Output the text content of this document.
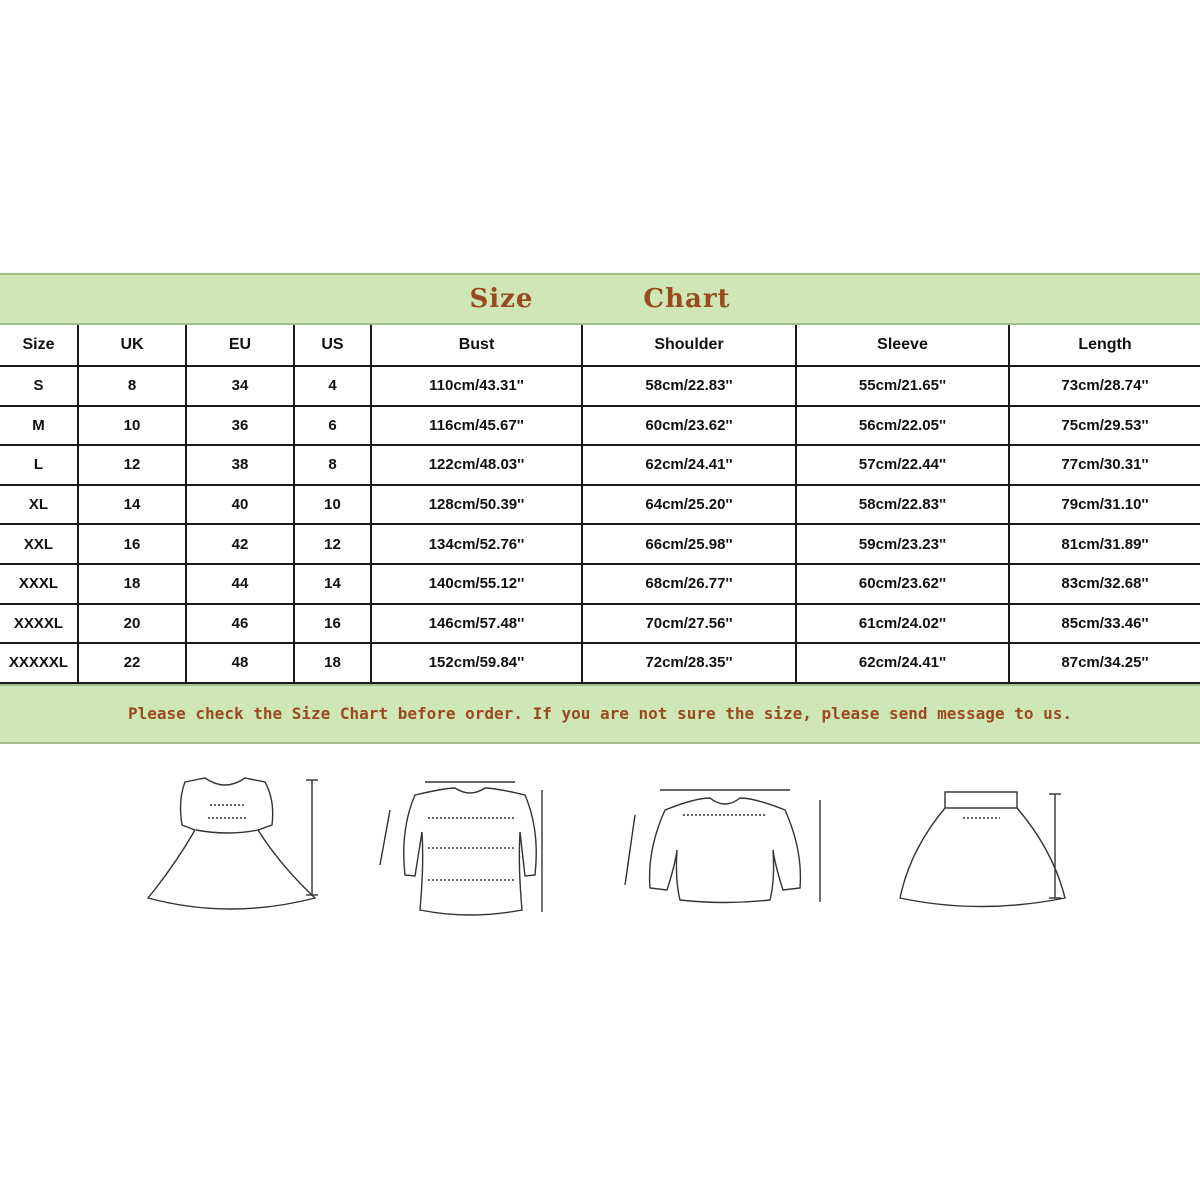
Size	Chart
Size	UK	EU	US	Bust	Shoulder	Sleeve	Length
S	8	34	4	110cm/43.31''	58cm/22.83''	55cm/21.65''	73cm/28.74''
M	10	36	6	116cm/45.67''	60cm/23.62''	56cm/22.05''	75cm/29.53''
L	12	38	8	122cm/48.03''	62cm/24.41''	57cm/22.44''	77cm/30.31''
XL	14	40	10	128cm/50.39''	64cm/25.20''	58cm/22.83''	79cm/31.10''
XXL	16	42	12	134cm/52.76''	66cm/25.98''	59cm/23.23''	81cm/31.89''
XXXL	18	44	14	140cm/55.12''	68cm/26.77''	60cm/23.62''	83cm/32.68''
XXXXL	20	46	16	146cm/57.48''	70cm/27.56''	61cm/24.02''	85cm/33.46''
XXXXXL	22	48	18	152cm/59.84''	72cm/28.35''	62cm/24.41''	87cm/34.25''
Please check the Size Chart before order. If you are not sure the size, please send message to us.
